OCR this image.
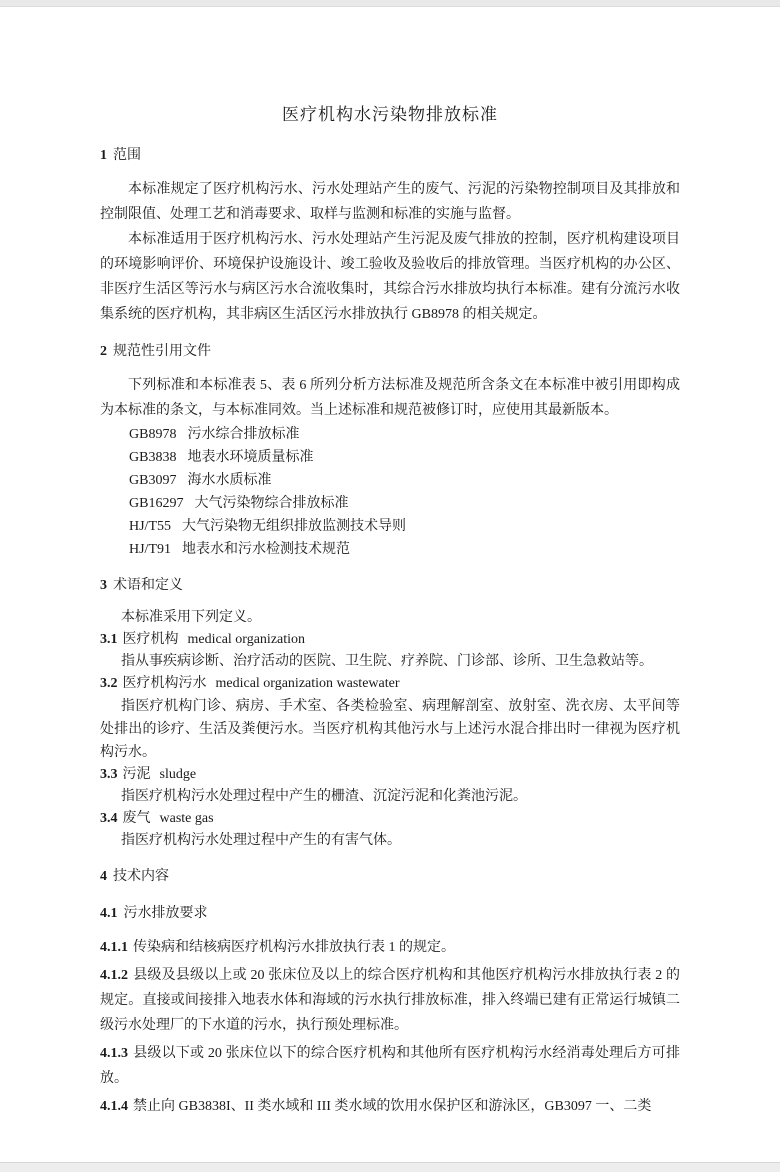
医疗机构水污染物排放标准
1 范围

本标准规定了医疗机构污水、污水处理站产生的废气、污泥的污染物控制项目及其排放和控制限值、处理工艺和消毒要求、取样与监测和标准的实施与监督。

本标准适用于医疗机构污水、污水处理站产生污泥及废气排放的控制，医疗机构建设项目的环境影响评价、环境保护设施设计、竣工验收及验收后的排放管理。当医疗机构的办公区、非医疗生活区等污水与病区污水合流收集时，其综合污水排放均执行本标准。建有分流污水收集系统的医疗机构，其非病区生活区污水排放执行 GB8978 的相关规定。

2 规范性引用文件

下列标准和本标准表 5、表 6 所列分析方法标准及规范所含条文在本标准中被引用即构成为本标准的条文，与本标准同效。当上述标准和规范被修订时，应使用其最新版本。

GB8978 污水综合排放标准
GB3838 地表水环境质量标准
GB3097 海水水质标准
GB16297 大气污染物综合排放标准
HJ/T55 大气污染物无组织排放监测技术导则
HJ/T91 地表水和污水检测技术规范
3 术语和定义

本标准采用下列定义。

3.1 医疗机构 medical organization

指从事疾病诊断、治疗活动的医院、卫生院、疗养院、门诊部、诊所、卫生急救站等。

3.2 医疗机构污水 medical organization wastewater

指医疗机构门诊、病房、手术室、各类检验室、病理解剖室、放射室、洗衣房、太平间等处排出的诊疗、生活及粪便污水。当医疗机构其他污水与上述污水混合排出时一律视为医疗机构污水。

3.3 污泥 sludge

指医疗机构污水处理过程中产生的栅渣、沉淀污泥和化粪池污泥。

3.4 废气 waste gas

指医疗机构污水处理过程中产生的有害气体。

4 技术内容
4.1 污水排放要求

4.1.1 传染病和结核病医疗机构污水排放执行表 1 的规定。

4.1.2 县级及县级以上或 20 张床位及以上的综合医疗机构和其他医疗机构污水排放执行表 2 的规定。直接或间接排入地表水体和海域的污水执行排放标准，排入终端已建有正常运行城镇二级污水处理厂的下水道的污水，执行预处理标准。

4.1.3 县级以下或 20 张床位以下的综合医疗机构和其他所有医疗机构污水经消毒处理后方可排放。

4.1.4 禁止向 GB3838I、II 类水域和 III 类水域的饮用水保护区和游泳区，GB3097 一、二类
